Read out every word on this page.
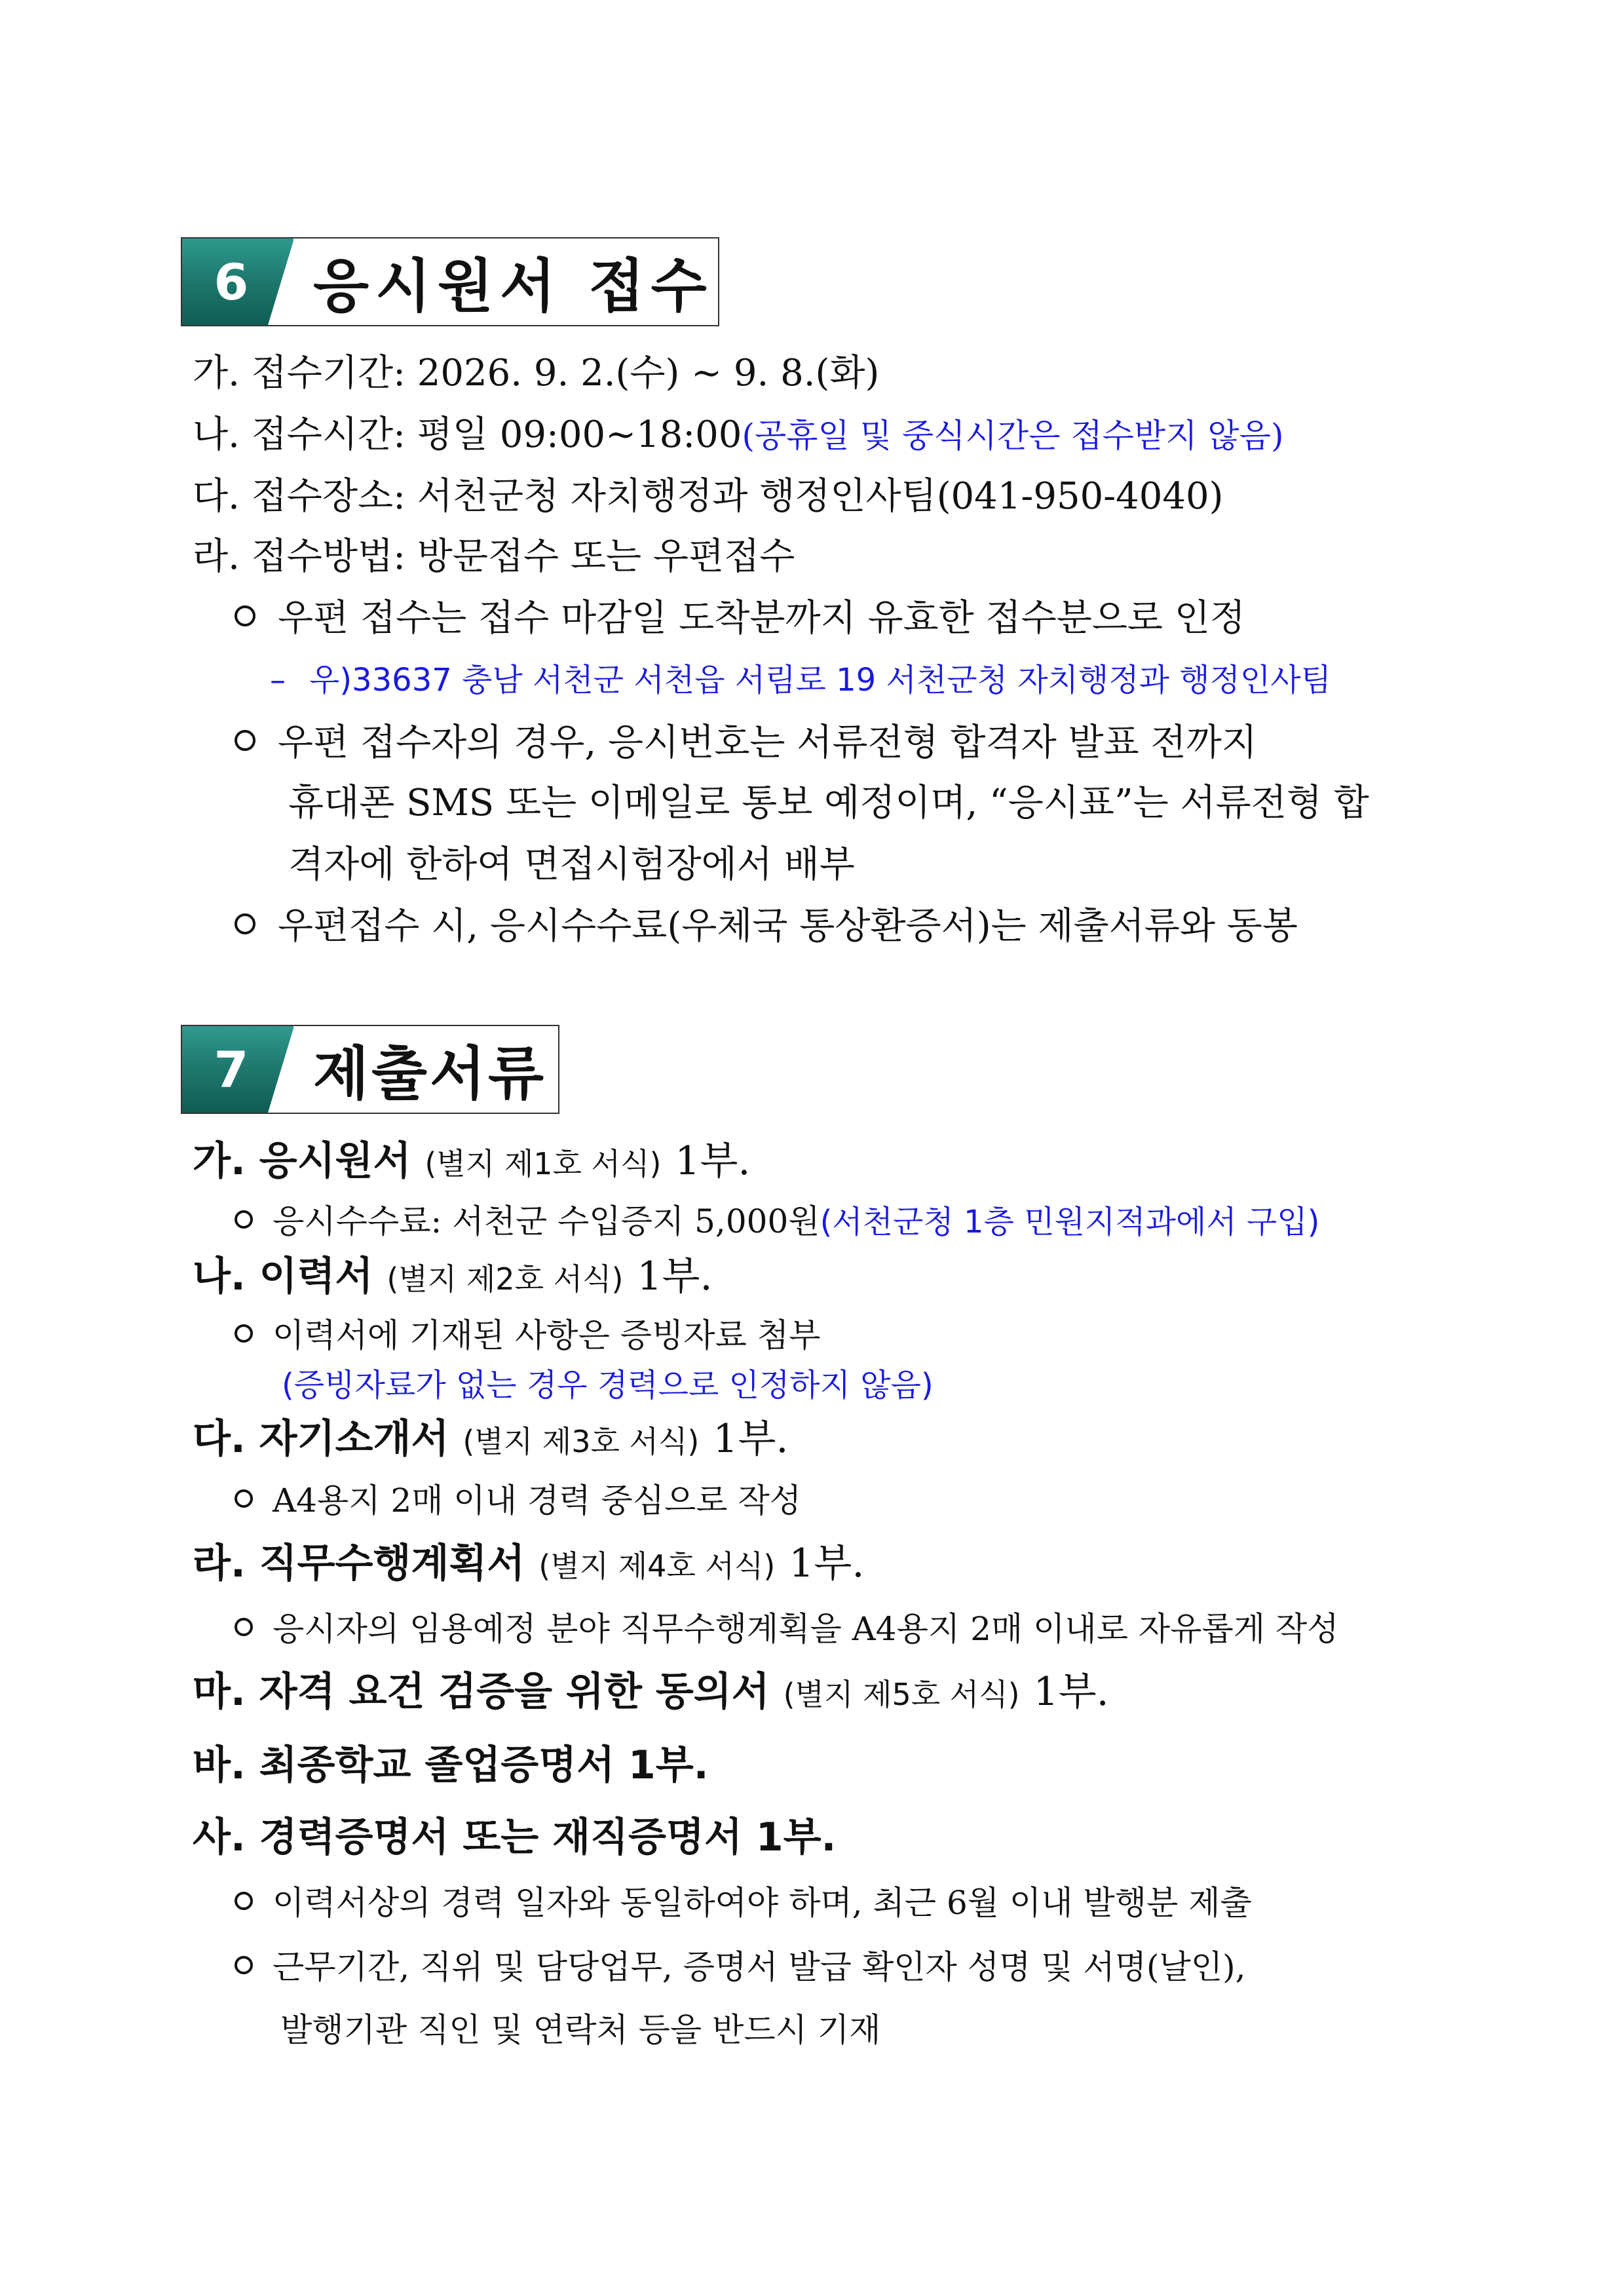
6	응시원서 접수
가. 접수기간: 2026. 9. 2.(수) ~ 9. 8.(화)
나. 접수시간: 평일 09:00~18:00(공휴일 및 중식시간은 접수받지 않음)
다. 접수장소: 서천군청 자치행정과 행정인사팀(041-950-4040)
라. 접수방법: 방문접수 또는 우편접수
우편 접수는 접수 마감일 도착분까지 유효한 접수분으로 인정
– 우)33637 충남 서천군 서천읍 서림로 19 서천군청 자치행정과 행정인사팀
우편 접수자의 경우, 응시번호는 서류전형 합격자 발표 전까지
휴대폰 SMS 또는 이메일로 통보 예정이며, “응시표”는 서류전형 합
격자에 한하여 면접시험장에서 배부
우편접수 시, 응시수수료(우체국 통상환증서)는 제출서류와 동봉
7	제출서류
가. 응시원서 (별지 제1호 서식) 1부.
응시수수료: 서천군 수입증지 5,000원(서천군청 1층 민원지적과에서 구입)
나. 이력서 (별지 제2호 서식) 1부.
이력서에 기재된 사항은 증빙자료 첨부
(증빙자료가 없는 경우 경력으로 인정하지 않음)
다. 자기소개서 (별지 제3호 서식) 1부.
A4용지 2매 이내 경력 중심으로 작성
라. 직무수행계획서 (별지 제4호 서식) 1부.
응시자의 임용예정 분야 직무수행계획을 A4용지 2매 이내로 자유롭게 작성
마. 자격 요건 검증을 위한 동의서 (별지 제5호 서식) 1부.
바. 최종학교 졸업증명서 1부.
사. 경력증명서 또는 재직증명서 1부.
이력서상의 경력 일자와 동일하여야 하며, 최근 6월 이내 발행분 제출
근무기간, 직위 및 담당업무, 증명서 발급 확인자 성명 및 서명(날인),
발행기관 직인 및 연락처 등을 반드시 기재
